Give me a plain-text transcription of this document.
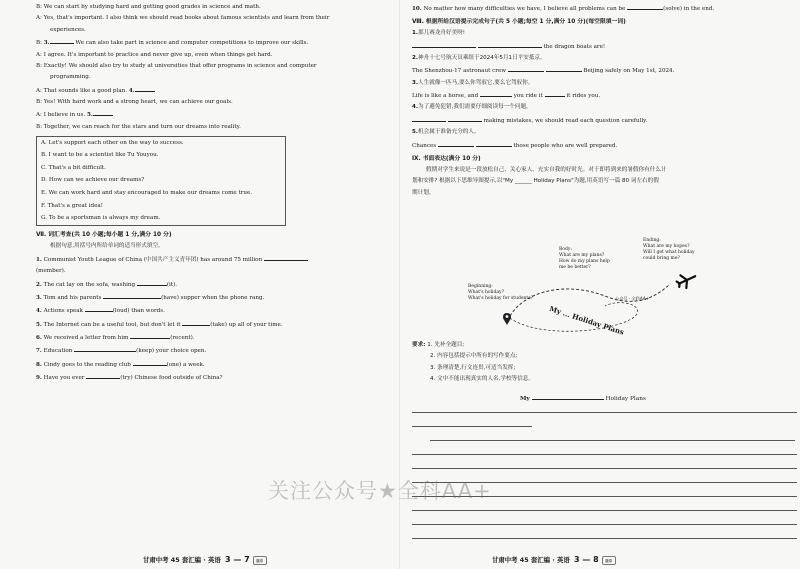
B: We can start by studying hard and getting good grades in science and math.
A: Yes, that's important. I also think we should read books about famous scientists and learn from their
experiences.
B: 3.	We can also take part in science and computer competitions to improve our skills.
A: I agree. It's important to practice and never give up, even when things get hard.
B: Exactly! We should also try to study at universities that offer programs in science and computer
programming.
A: That sounds like a good plan. 4.
B: Yes! With hard work and a strong heart, we can achieve our goals.
A: I believe in us. 5.
B: Together, we can reach for the stars and turn our dreams into reality.
A. Let's support each other on the way to success.
B. I want to be a scientist like Tu Youyou.
C. That's a bit difficult.
D. How can we achieve our dreams?
E. We can work hard and stay encouraged to make our dreams come true.
F. That's a great idea!
G. To be a sportsman is always my dream.
Ⅶ. 词汇考查(共 10 小题;每小题 1 分,满分 10 分)
根据句意,用括号内所给单词的适当形式填空。
1. Communist Youth League of China (中国共产主义青年团) has around 75 million
(member).
2. The cat lay on the sofa, washing	(it).
3. Tom and his parents	(have) supper when the phone rang.
4. Actions speak	(loud) than words.
5. The Internet can be a useful tool, but don't let it	(take) up all of your time.
6. We received a letter from him	(recent).
7. Education	(keep) your choice open.
8. Cindy goes to the reading club	(one) a week.
9. Have you ever	(try) Chinese food outside of China?
甘肃中考 45 套汇编 · 英语 3 — 7 徽章
10. No matter how many difficulties we have, I believe all problems can be	(solve) in the end.
Ⅷ. 根据所给汉语提示完成句子(共 5 小题;每空 1 分,满分 10 分)(每空限填一词)
1.那儿赛龙舟好美呀!
the dragon boats are!
2.神舟十七号航天员乘组于2024年5月1日平安抵京。
The Shenzhou-17 astronaut crew	Beijing safely on May 1st, 2024.
3.人生就像一匹马,要么你驾驭它,要么它驾驭你。
Life is like a horse, and	you ride it	it rides you.
4.为了避免犯错,我们需要仔细阅读每一个问题。
making mistakes, we should read each question carefully.
5.机会属于准备充分的人。
Chances	those people who are well prepared.
Ⅸ. 书面表达(满分 10 分)
假期对学生来说是一段放松自己、关心家人、充实自我的好时光。对于即将到来的暑假你有什么计
划和安排? 根据以下思维导图提示,以"My ______ Holiday Plans"为题,用英语写一篇 80 词左右的假
期计划。
要求: 1. 先补全题目;
2. 内容包括提示中所有的写作要点;
3. 条理清楚,行文连贯,可适当发挥;
4. 文中不能出现真实的人名,学校等信息。
My	Holiday Plans
甘肃中考 45 套汇编 · 英语 3 — 8 徽章
Body:
What are my plans?
How do my plans help
me be better?
Ending:
What are my hopes?
Will I get what holiday
could bring me?
Beginning:
What's holiday?
What's holiday for students?
My ... Holiday Plans
公众号 · 全科AA+
关注公众号★全科AA+
